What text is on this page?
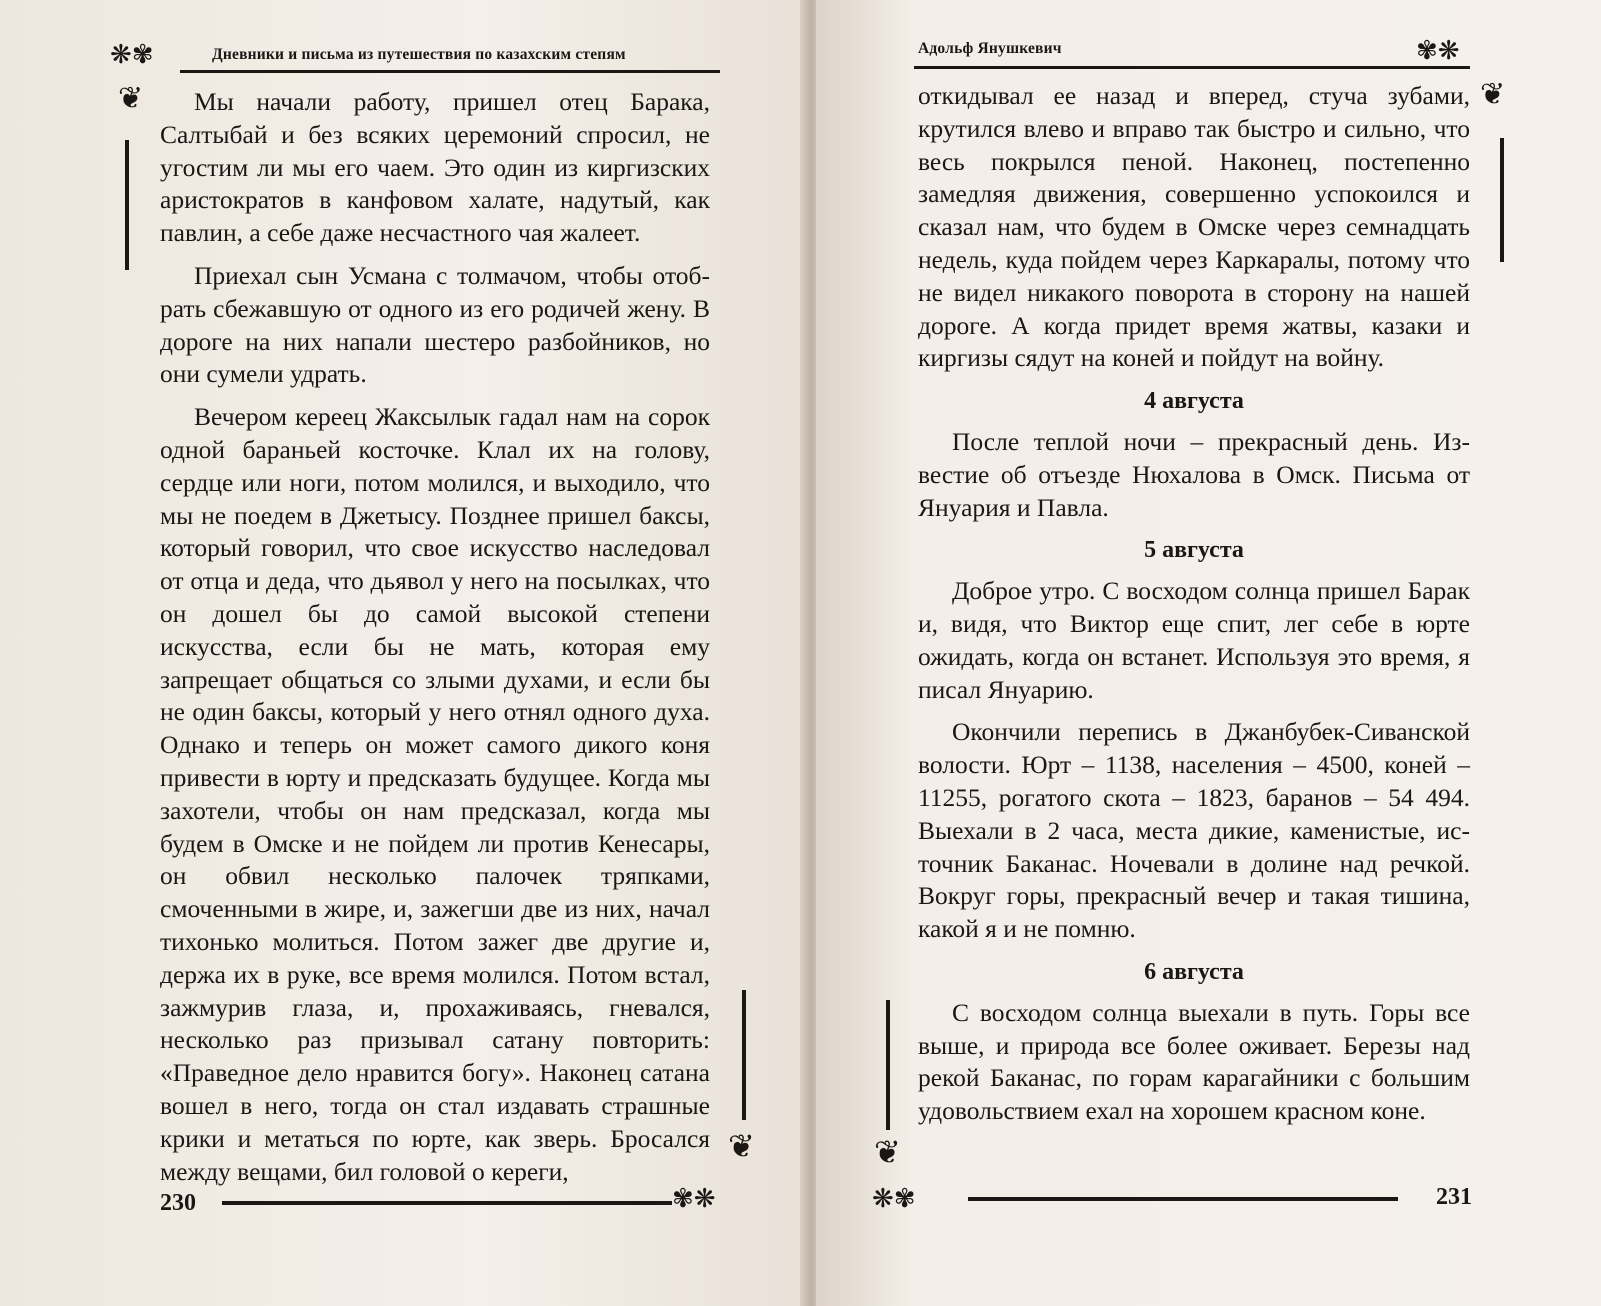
❋✾	Дневники и письма из путешествия по казахским степям
❦	Мы начали работу, пришел отец Барака, Салтыбай и без всяких церемоний спросил, не угостим ли мы его чаем. Это один из киргизских аристократов в канфовом халате, надутый, как павлин, а себе даже несчастного чая жалеет.

Приехал сын Усмана с толмачом, чтобы отобрать сбежавшую от одного из его родичей жену. В дороге на них напали шестеро разбойников, но они сумели удрать.

Вечером кереец Жаксылык гадал нам на сорок одной бараньей косточке. Клал их на голову, сердце или ноги, потом молился, и выходило, что мы не поедем в Джетысу. Позднее пришел баксы, который говорил, что свое искусство наследовал от отца и деда, что дьявол у него на посылках, что он дошел бы до самой высокой степени искусства, если бы не мать, которая ему запрещает общаться со злыми духами, и если бы не один баксы, который у него отнял одного духа. Однако и теперь он может самого дикого коня привести в юрту и предсказать будущее. Когда мы захотели, чтобы он нам предсказал, когда мы будем в Омске и не пойдем ли против Кенесары, он обвил несколько палочек тряпками, смоченными в жире, и, зажегши две из них, начал тихонько молиться. Потом зажег две другие и, держа их в руке, все время молился. Потом встал, зажмурив глаза, и, прохаживаясь, гневался, несколько раз призывал сатану повторить: «Праведное дело нравится богу». Наконец сатана вошел в него, тогда он стал издавать страшные крики и метаться по юрте, как зверь. Бросался между вещами, бил головой о кереги,

❦
230	✾❋
Адольф Янушкевич	✾❋
❦

откидывал ее назад и вперед, стуча зубами, крутился влево и вправо так быстро и сильно, что весь покрылся пеной. Наконец, постепенно замедляя движения, совершенно успокоился и сказал нам, что будем в Омске через семнадцать недель, куда пойдем через Каркаралы, потому что не видел никакого поворота в сторону на нашей дороге. А когда придет время жатвы, казаки и киргизы сядут на коней и пойдут на войну.

4 августа

После теплой ночи – прекрасный день. Известие об отъезде Нюхалова в Омск. Письма от Януария и Павла.

5 августа

Доброе утро. С восходом солнца пришел Барак и, видя, что Виктор еще спит, лег себе в юрте ожидать, когда он встанет. Используя это время, я писал Януарию.

Окончили перепись в Джанбубек-Сиванской волости. Юрт – 1138, населения – 4500, коней – 11255, рогатого скота – 1823, баранов – 54 494. Выехали в 2 часа, места дикие, каменистые, источник Баканас. Ночевали в долине над речкой. Вокруг горы, прекрасный вечер и такая тишина, какой я и не помню.

6 августа

С восходом солнца выехали в путь. Горы все выше, и природа все более оживает. Березы над рекой Баканас, по горам карагайники с большим удовольствием ехал на хорошем красном коне.

❦
❋✾	231
